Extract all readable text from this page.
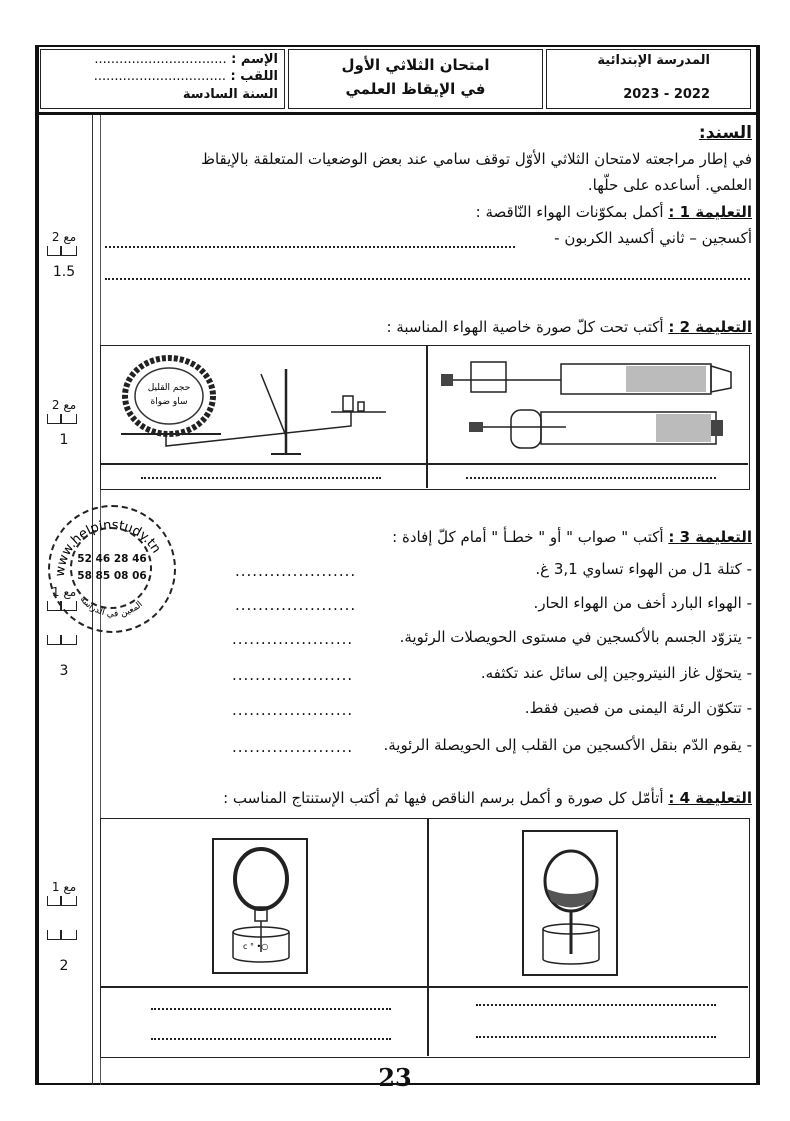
الإسم : ................................
اللقب : ................................
السنة السادسة
امتحان الثلاثي الأول
في الإيقاظ العلمي
المدرسة الإبتدائية
2023 - 2022
مع 2
1.5
مع 2
1
مع 1
3
مع 1
2
السند:
في إطار مراجعته لامتحان الثلاثي الأوّل توقف سامي عند بعض الوضعيات المتعلقة بالإيقاظ
العلمي. أساعده على حلّها.
التعليمة 1 : أكمل بمكوّنات الهواء النّاقصة :
أكسجين – ثاني أكسيد الكربون -
التعليمة 2 : أكتب تحت كلّ صورة خاصية الهواء المناسبة :
حجم القليل
ساو ضواة
www.helpinstudy.tn
المعين في الدراسة
52 46 28 46
58 85 08 06
التعليمة 3 : أكتب " صواب " أو " خطـأ " أمام كلّ إفادة :
- كتلة 1ل من الهواء تساوي 3,1 غ.
.....................
- الهواء البارد أخف من الهواء الحار.
.....................
- يتزوّد الجسم بالأكسجين في مستوى الحويصلات الرئوية.
.....................
- يتحوّل غاز النيتروجين إلى سائل عند تكثفه.
.....................
- تتكوّن الرئة اليمنى من فصين فقط.
.....................
- يقوم الدّم بنقل الأكسجين من القلب إلى الحويصلة الرئوية.
.....................
التعليمة 4 : أتأمّل كل صورة و أكمل برسم الناقص فيها ثم أكتب الإستنتاج المناسب :
c ° •○
23
